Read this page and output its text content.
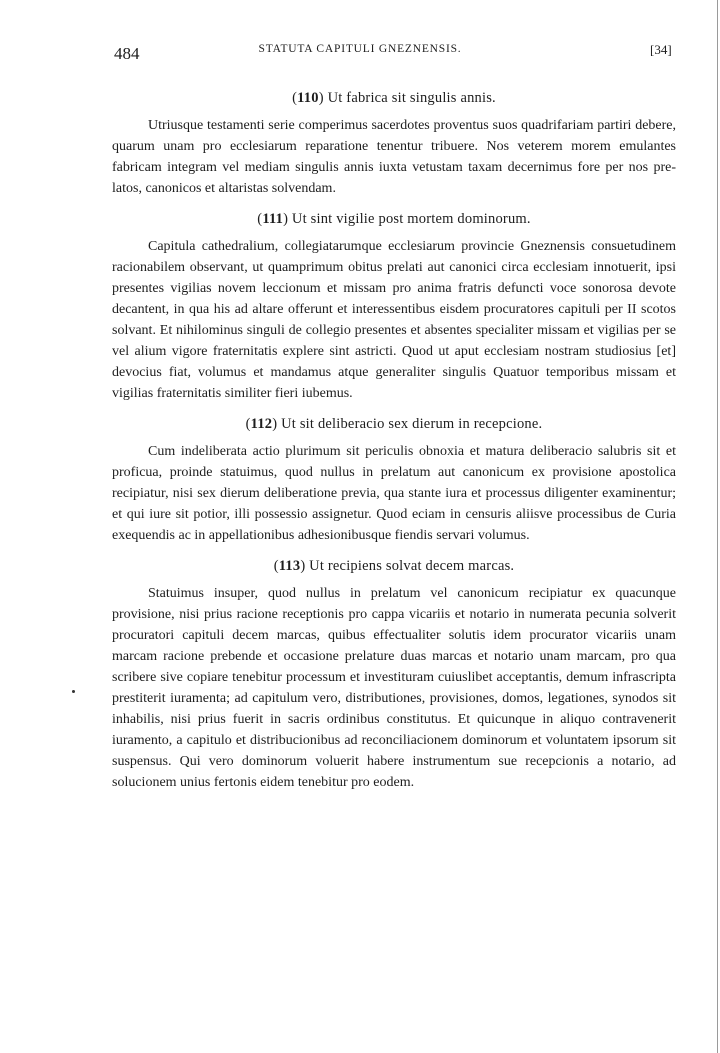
484	STATUTA CAPITULI GNEZNENSIS.	[34]

(110) Ut fabrica sit singulis annis.

Utriusque testamenti serie comperimus sacerdotes proventus suos quadrifariam partiri debere, quarum unam pro ecclesiarum reparatione tenentur tribuere. Nos veterem morem emulantes fabricam integram vel mediam singulis annis iuxta vetustam taxam decernimus fore per nos prelatos, canonicos et altaristas solvendam.

(111) Ut sint vigilie post mortem dominorum.

Capitula cathedralium, collegiatarumque ecclesiarum provincie Gneznensis consuetudinem racionabilem observant, ut quamprimum obitus prelati aut canonici circa ecclesiam innotuerit, ipsi presentes vigilias novem leccionum et missam pro anima fratris defuncti voce sonorosa devote decantent, in qua his ad altare offerunt et interessentibus eisdem procuratores capituli per II scotos solvant. Et nihilominus singuli de collegio presentes et absentes specialiter missam et vigilias per se vel alium vigore fraternitatis explere sint astricti. Quod ut aput ecclesiam nostram studiosius [et] devocius fiat, volumus et mandamus atque generaliter singulis Quatuor temporibus missam et vigilias fraternitatis similiter fieri iubemus.

(112) Ut sit deliberacio sex dierum in recepcione.

Cum indeliberata actio plurimum sit periculis obnoxia et matura deliberacio salubris sit et proficua, proinde statuimus, quod nullus in prelatum aut canonicum ex provisione apostolica recipiatur, nisi sex dierum deliberatione previa, qua stante iura et processus diligenter examinentur; et qui iure sit potior, illi possessio assignetur. Quod eciam in censuris aliisve processibus de Curia exequendis ac in appellationibus adhesionibusque fiendis servari volumus.

(113) Ut recipiens solvat decem marcas.

Statuimus insuper, quod nullus in prelatum vel canonicum recipiatur ex quacunque provisione, nisi prius racione receptionis pro cappa vicariis et notario in numerata pecunia solverit procuratori capituli decem marcas, quibus effectualiter solutis idem procurator vicariis unam marcam racione prebende et occasione prelature duas marcas et notario unam marcam, pro qua scribere sive copiare tenebitur processum et investituram cuiuslibet acceptantis, demum infrascripta prestiterit iuramenta; ad capitulum vero, distributiones, provisiones, domos, legationes, synodos sit inhabilis, nisi prius fuerit in sacris ordinibus constitutus. Et quicunque in aliquo contravenerit iuramento, a capitulo et distribucionibus ad reconciliacionem dominorum et voluntatem ipsorum sit suspensus. Qui vero dominorum voluerit habere instrumentum sue recepcionis a notario, ad solucionem unius fertonis eidem tenebitur pro eodem.
